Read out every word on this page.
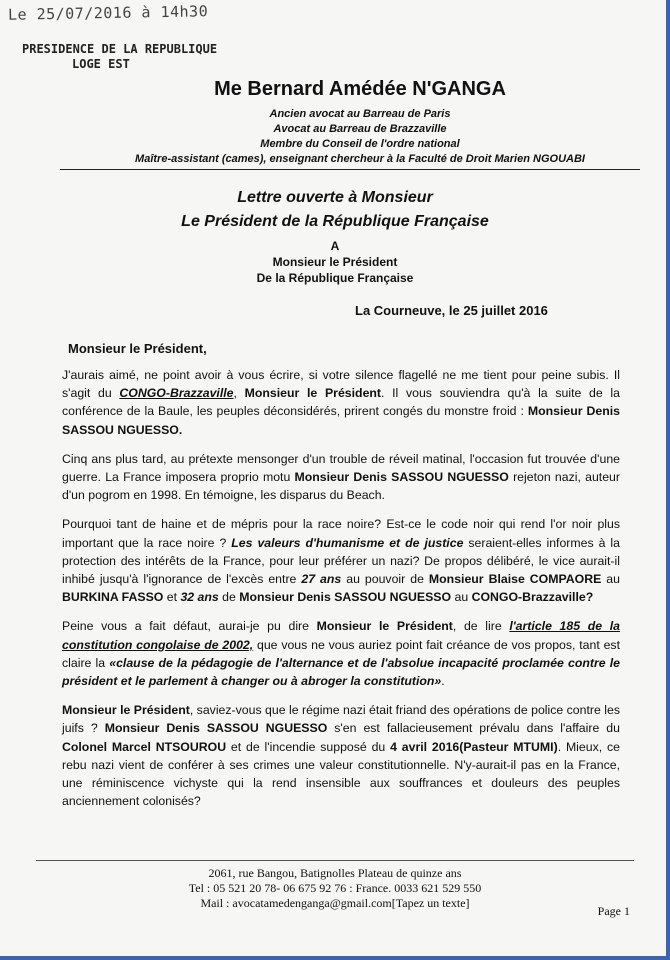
Le 25/07/2016 à 14h30
PRESIDENCE DE LA REPUBLIQUE
LOGE EST
Me Bernard Amédée N'GANGA
Ancien avocat au Barreau de Paris
Avocat au Barreau de Brazzaville
Membre du Conseil de l'ordre national
Maître-assistant (cames), enseignant chercheur à la Faculté de Droit Marien NGOUABI
Lettre ouverte à Monsieur
Le Président de la République Française
A
Monsieur le Président
De la République Française
La Courneuve, le 25 juillet 2016
Monsieur le Président,

J'aurais aimé, ne point avoir à vous écrire, si votre silence flagellé ne me tient pour peine subis. Il s'agit du CONGO-Brazzaville, Monsieur le Président. Il vous souviendra qu'à la suite de la conférence de la Baule, les peuples déconsidérés, prirent congés du monstre froid : Monsieur Denis SASSOU NGUESSO.

Cinq ans plus tard, au prétexte mensonger d'un trouble de réveil matinal, l'occasion fut trouvée d'une guerre. La France imposera proprio motu Monsieur Denis SASSOU NGUESSO rejeton nazi, auteur d'un pogrom en 1998. En témoigne, les disparus du Beach.

Pourquoi tant de haine et de mépris pour la race noire? Est-ce le code noir qui rend l'or noir plus important que la race noire ? Les valeurs d'humanisme et de justice seraient-elles informes à la protection des intérêts de la France, pour leur préférer un nazi? De propos délibéré, le vice aurait-il inhibé jusqu'à l'ignorance de l'excès entre 27 ans au pouvoir de Monsieur Blaise COMPAORE au BURKINA FASSO et 32 ans de Monsieur Denis SASSOU NGUESSO au CONGO-Brazzaville?

Peine vous a fait défaut, aurai-je pu dire Monsieur le Président, de lire l'article 185 de la constitution congolaise de 2002, que vous ne vous auriez point fait créance de vos propos, tant est claire la «clause de la pédagogie de l'alternance et de l'absolue incapacité proclamée contre le président et le parlement à changer ou à abroger la constitution».

Monsieur le Président, saviez-vous que le régime nazi était friand des opérations de police contre les juifs ? Monsieur Denis SASSOU NGUESSO s'en est fallacieusement prévalu dans l'affaire du Colonel Marcel NTSOUROU et de l'incendie supposé du 4 avril 2016(Pasteur MTUMI). Mieux, ce rebu nazi vient de conférer à ses crimes une valeur constitutionnelle. N'y-aurait-il pas en la France, une réminiscence vichyste qui la rend insensible aux souffrances et douleurs des peuples anciennement colonisés?

2061, rue Bangou, Batignolles Plateau de quinze ans
Tel : 05 521 20 78- 06 675 92 76 : France. 0033 621 529 550
Mail : avocatamedenganga@gmail.com[Tapez un texte]
Page 1
